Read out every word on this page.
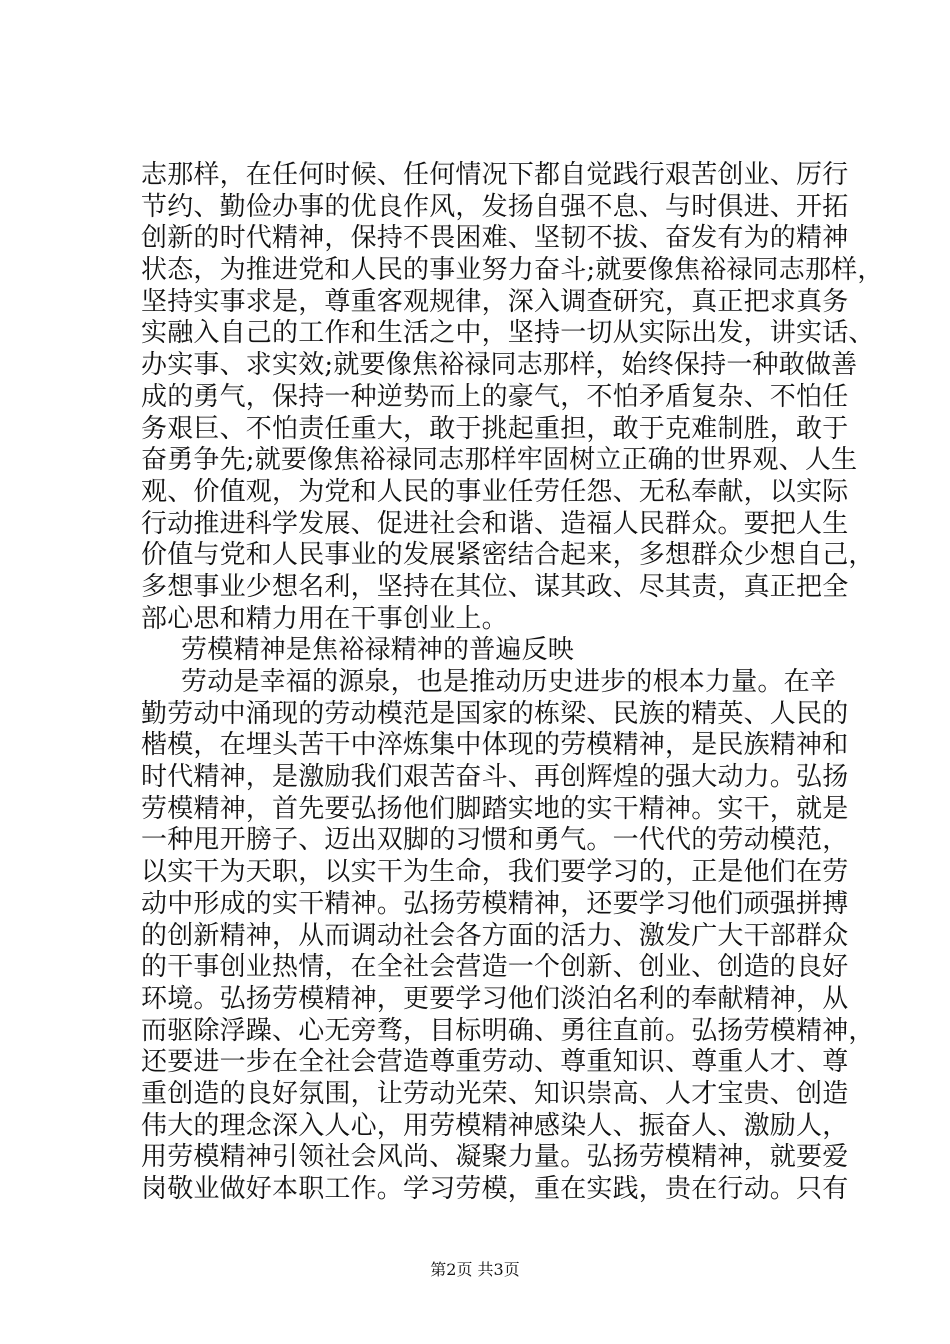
志那样，在任何时候、任何情况下都自觉践行艰苦创业、厉行
节约、勤俭办事的优良作风，发扬自强不息、与时俱进、开拓
创新的时代精神，保持不畏困难、坚韧不拔、奋发有为的精神
状态，为推进党和人民的事业努力奋斗;就要像焦裕禄同志那样，
坚持实事求是，尊重客观规律，深入调查研究，真正把求真务
实融入自己的工作和生活之中，坚持一切从实际出发，讲实话、
办实事、求实效;就要像焦裕禄同志那样，始终保持一种敢做善
成的勇气，保持一种逆势而上的豪气，不怕矛盾复杂、不怕任
务艰巨、不怕责任重大，敢于挑起重担，敢于克难制胜，敢于
奋勇争先;就要像焦裕禄同志那样牢固树立正确的世界观、人生
观、价值观，为党和人民的事业任劳任怨、无私奉献，以实际
行动推进科学发展、促进社会和谐、造福人民群众。要把人生
价值与党和人民事业的发展紧密结合起来，多想群众少想自己，
多想事业少想名利，坚持在其位、谋其政、尽其责，真正把全
部心思和精力用在干事创业上。
劳模精神是焦裕禄精神的普遍反映
劳动是幸福的源泉，也是推动历史进步的根本力量。在辛
勤劳动中涌现的劳动模范是国家的栋梁、民族的精英、人民的
楷模，在埋头苦干中淬炼集中体现的劳模精神，是民族精神和
时代精神，是激励我们艰苦奋斗、再创辉煌的强大动力。弘扬
劳模精神，首先要弘扬他们脚踏实地的实干精神。实干，就是
一种甩开膀子、迈出双脚的习惯和勇气。一代代的劳动模范，
以实干为天职，以实干为生命，我们要学习的，正是他们在劳
动中形成的实干精神。弘扬劳模精神，还要学习他们顽强拼搏
的创新精神，从而调动社会各方面的活力、激发广大干部群众
的干事创业热情，在全社会营造一个创新、创业、创造的良好
环境。弘扬劳模精神，更要学习他们淡泊名利的奉献精神，从
而驱除浮躁、心无旁骛，目标明确、勇往直前。弘扬劳模精神，
还要进一步在全社会营造尊重劳动、尊重知识、尊重人才、尊
重创造的良好氛围，让劳动光荣、知识崇高、人才宝贵、创造
伟大的理念深入人心，用劳模精神感染人、振奋人、激励人，
用劳模精神引领社会风尚、凝聚力量。弘扬劳模精神，就要爱
岗敬业做好本职工作。学习劳模，重在实践，贵在行动。只有
第2页 共3页
